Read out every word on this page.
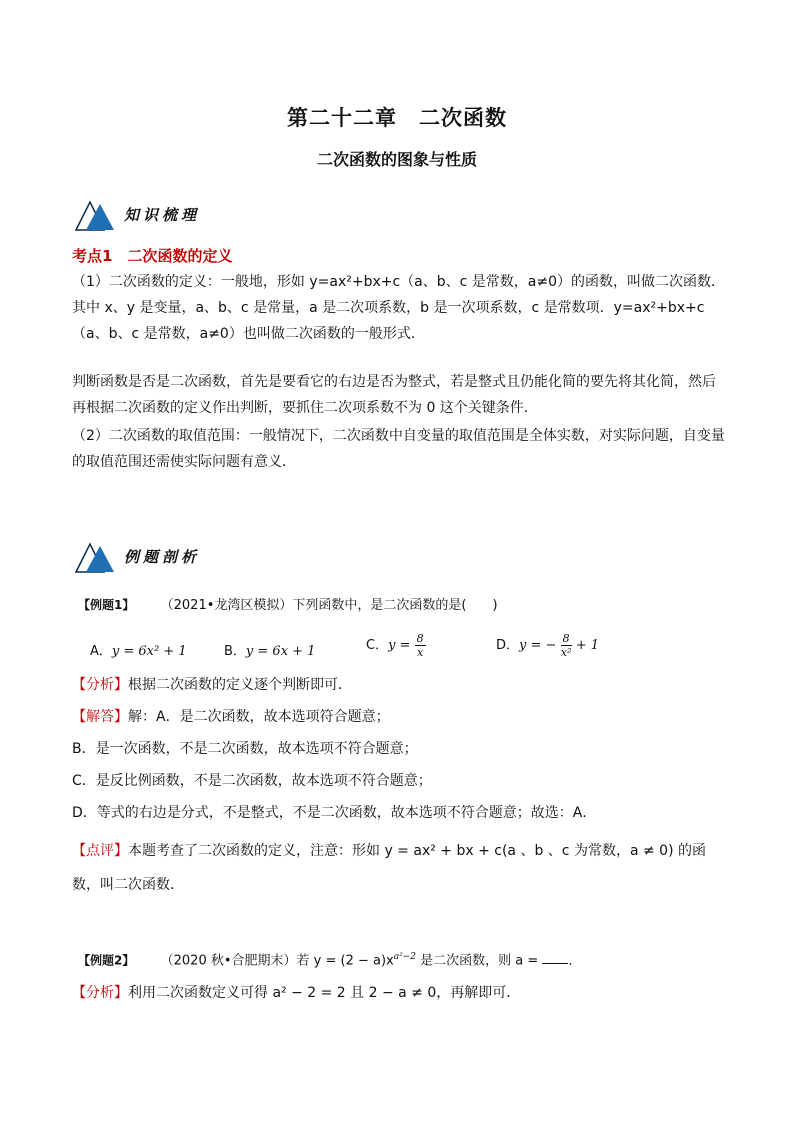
第二十二章　二次函数
二次函数的图象与性质
知识梳理
考点1　二次函数的定义
（1）二次函数的定义：一般地，形如 y=ax²+bx+c（a、b、c 是常数，a≠0）的函数，叫做二次函数．其中 x、y 是变量，a、b、c 是常量，a 是二次项系数，b 是一次项系数，c 是常数项．y=ax²+bx+c（a、b、c 是常数，a≠0）也叫做二次函数的一般形式．
判断函数是否是二次函数，首先是要看它的右边是否为整式，若是整式且仍能化简的要先将其化简，然后再根据二次函数的定义作出判断，要抓住二次项系数不为 0 这个关键条件．
（2）二次函数的取值范围：一般情况下，二次函数中自变量的取值范围是全体实数，对实际问题，自变量的取值范围还需使实际问题有意义．
例题剖析
【例题1】 （2021•龙湾区模拟）下列函数中，是二次函数的是(　　)
A．y = 6x² + 1	B．y = 6x + 1	C．$y = \frac{8}{x}$	D．y = − $\frac{8}{\text{x²}} + 1$
【分析】根据二次函数的定义逐个判断即可．
【解答】解：A．是二次函数，故本选项符合题意；
B．是一次函数，不是二次函数，故本选项不符合题意；
C．是反比例函数，不是二次函数，故本选项不符合题意；
D．等式的右边是分式，不是整式，不是二次函数，故本选项不符合题意；故选：A．
【点评】本题考查了二次函数的定义，注意：形如 y = ax² + bx + c(a 、b 、c 为常数，a ≠ 0) 的函数，叫二次函数．
【例题2】 （2020 秋•合肥期末）若 $y = (2 - a)x^{a^2-2}$ 是二次函数，则 a = ．
【分析】利用二次函数定义可得 a² − 2 = 2 且 2 − a ≠ 0，再解即可．
